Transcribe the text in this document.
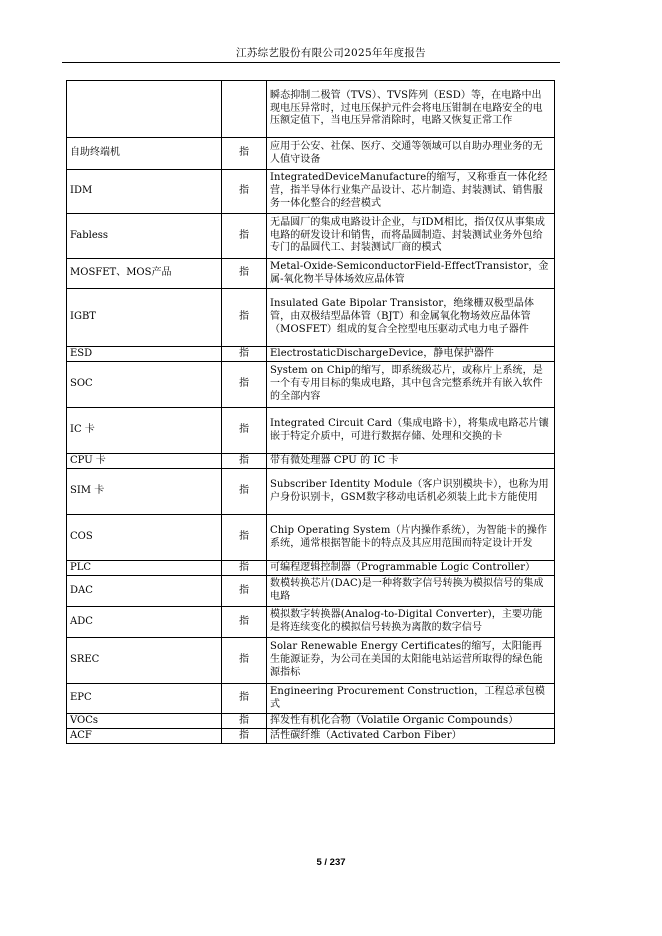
江苏综艺股份有限公司2025年年度报告
		瞬态抑制二极管（TVS）、TVS阵列（ESD）等，在电路中出现电压异常时，过电压保护元件会将电压钳制在电路安全的电压额定值下，当电压异常消除时，电路又恢复正常工作
自助终端机	指	应用于公安、社保、医疗、交通等领域可以自助办理业务的无人值守设备
IDM	指	IntegratedDeviceManufacture的缩写，又称垂直一体化经营，指半导体行业集产品设计、芯片制造、封装测试、销售服务一体化整合的经营模式
Fabless	指	无晶圆厂的集成电路设计企业，与IDM相比，指仅仅从事集成电路的研发设计和销售，而将晶圆制造、封装测试业务外包给专门的晶圆代工、封装测试厂商的模式
MOSFET、MOS产品	指	Metal-Oxide-SemiconductorField-EffectTransistor，金属-氧化物半导体场效应晶体管
IGBT	指	Insulated Gate Bipolar Transistor，绝缘栅双极型晶体管，由双极结型晶体管（BJT）和金属氧化物场效应晶体管（MOSFET）组成的复合全控型电压驱动式电力电子器件
ESD	指	ElectrostaticDischargeDevice，静电保护器件
SOC	指	System on Chip的缩写，即系统级芯片，或称片上系统，是一个有专用目标的集成电路，其中包含完整系统并有嵌入软件的全部内容
IC 卡	指	Integrated Circuit Card（集成电路卡），将集成电路芯片镶嵌于特定介质中，可进行数据存储、处理和交换的卡
CPU 卡	指	带有微处理器 CPU 的 IC 卡
SIM 卡	指	Subscriber Identity Module（客户识别模块卡），也称为用户身份识别卡，GSM数字移动电话机必须装上此卡方能使用
COS	指	Chip Operating System（片内操作系统），为智能卡的操作系统，通常根据智能卡的特点及其应用范围而特定设计开发
PLC	指	可编程逻辑控制器（Programmable Logic Controller）
DAC	指	数模转换芯片(DAC)是一种将数字信号转换为模拟信号的集成电路
ADC	指	模拟数字转换器(Analog-to-Digital Converter)，主要功能是将连续变化的模拟信号转换为离散的数字信号
SREC	指	Solar Renewable Energy Certificates的缩写，太阳能再生能源证券，为公司在美国的太阳能电站运营所取得的绿色能源指标
EPC	指	Engineering Procurement Construction，工程总承包模式
VOCs	指	挥发性有机化合物（Volatile Organic Compounds）
ACF	指	活性碳纤维（Activated Carbon Fiber）
5 / 237
